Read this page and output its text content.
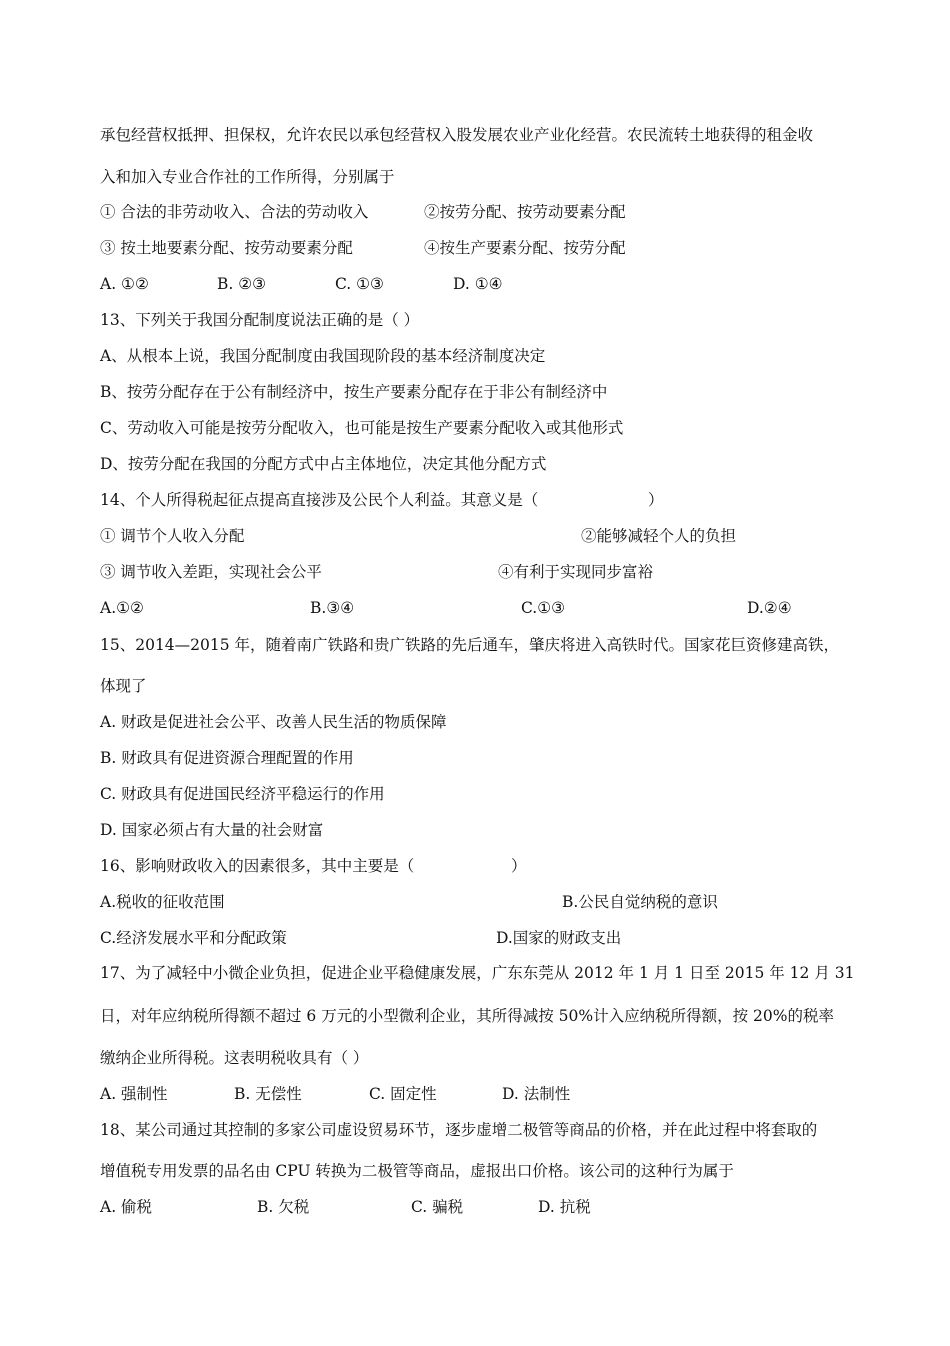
承包经营权抵押、担保权，允许农民以承包经营权入股发展农业产业化经营。农民流转土地获得的租金收
入和加入专业合作社的工作所得，分别属于
① 合法的非劳动收入、合法的劳动收入	②按劳分配、按劳动要素分配
③ 按土地要素分配、按劳动要素分配	④按生产要素分配、按劳分配
A. ①②	B. ②③	C. ①③	D. ①④
13、下列关于我国分配制度说法正确的是（ ）
A、从根本上说，我国分配制度由我国现阶段的基本经济制度决定
B、按劳分配存在于公有制经济中，按生产要素分配存在于非公有制经济中
C、劳动收入可能是按劳分配收入，也可能是按生产要素分配收入或其他形式
D、按劳分配在我国的分配方式中占主体地位，决定其他分配方式
14、个人所得税起征点提高直接涉及公民个人利益。其意义是（	）
① 调节个人收入分配	②能够减轻个人的负担
③ 调节收入差距，实现社会公平	④有利于实现同步富裕
A.①②	B.③④	C.①③	D.②④
15、2014—2015 年，随着南广铁路和贵广铁路的先后通车，肇庆将进入高铁时代。国家花巨资修建高铁，
体现了
A. 财政是促进社会公平、改善人民生活的物质保障
B. 财政具有促进资源合理配置的作用
C. 财政具有促进国民经济平稳运行的作用
D. 国家必须占有大量的社会财富
16、影响财政收入的因素很多，其中主要是（	）
A.税收的征收范围	B.公民自觉纳税的意识
C.经济发展水平和分配政策	D.国家的财政支出
17、为了减轻中小微企业负担，促进企业平稳健康发展，广东东莞从 2012 年 1 月 1 日至 2015 年 12 月 31
日，对年应纳税所得额不超过 6 万元的小型微利企业，其所得减按 50%计入应纳税所得额，按 20%的税率
缴纳企业所得税。这表明税收具有（ ）
A. 强制性	B. 无偿性	C. 固定性	D. 法制性
18、某公司通过其控制的多家公司虚设贸易环节，逐步虚增二极管等商品的价格，并在此过程中将套取的
增值税专用发票的品名由 CPU 转换为二极管等商品，虚报出口价格。该公司的这种行为属于
A. 偷税	B. 欠税	C. 骗税	D. 抗税
